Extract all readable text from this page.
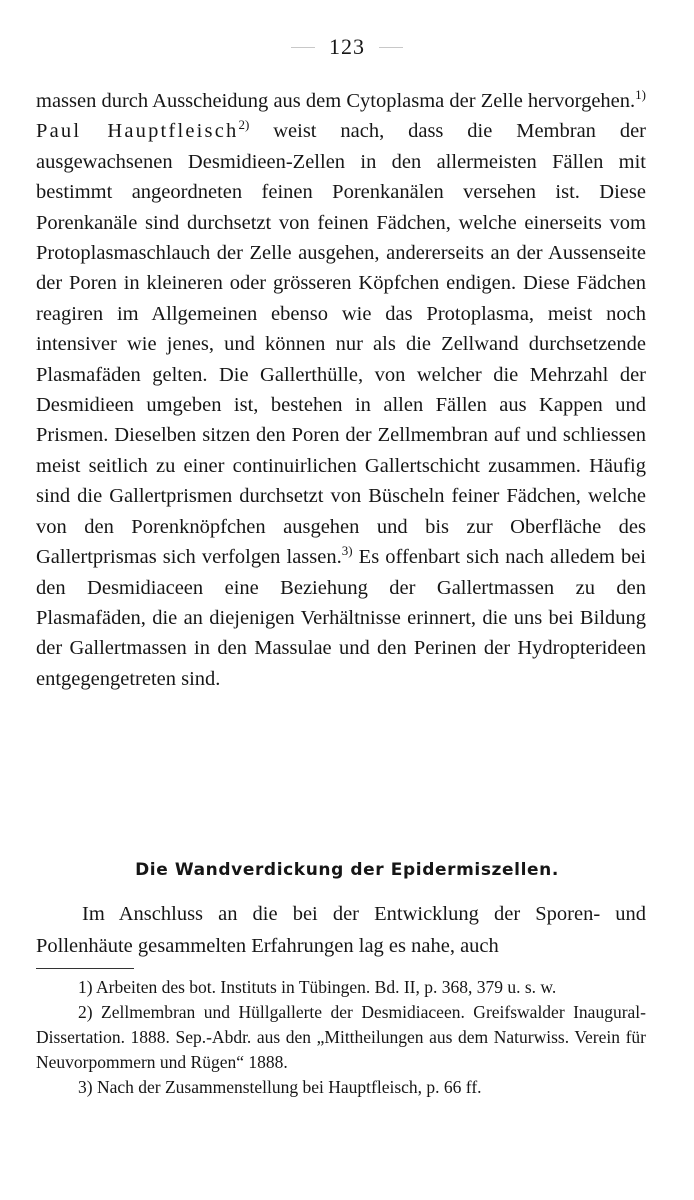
123

massen durch Ausscheidung aus dem Cytoplasma der Zelle hervorgehen.$^{1)}$ Paul Hauptfleisch$^{2)}$ weist nach, dass die Membran der ausgewachsenen Desmidieen-Zellen in den allermeisten Fällen mit bestimmt angeordneten feinen Porenkanälen versehen ist. Diese Porenkanäle sind durchsetzt von feinen Fädchen, welche einerseits vom Protoplasmaschlauch der Zelle ausgehen, andererseits an der Aussenseite der Poren in kleineren oder grösseren Köpfchen endigen. Diese Fädchen reagiren im Allgemeinen ebenso wie das Protoplasma, meist noch intensiver wie jenes, und können nur als die Zellwand durchsetzende Plasmafäden gelten. Die Gallerthülle, von welcher die Mehrzahl der Desmidieen umgeben ist, bestehen in allen Fällen aus Kappen und Prismen. Dieselben sitzen den Poren der Zellmembran auf und schliessen meist seitlich zu einer continuirlichen Gallertschicht zusammen. Häufig sind die Gallertprismen durchsetzt von Büscheln feiner Fädchen, welche von den Porenknöpfchen ausgehen und bis zur Oberfläche des Gallertprismas sich verfolgen lassen.$^{3)}$ Es offenbart sich nach alledem bei den Desmidiaceen eine Beziehung der Gallertmassen zu den Plasmafäden, die an diejenigen Verhältnisse erinnert, die uns bei Bildung der Gallertmassen in den Massulae und den Perinen der Hydropterideen entgegengetreten sind.

Die Wandverdickung der Epidermiszellen.

Im Anschluss an die bei der Entwicklung der Sporen- und Pollenhäute gesammelten Erfahrungen lag es nahe, auch

1) Arbeiten des bot. Instituts in Tübingen. Bd. II, p. 368, 379 u. s. w.

2) Zellmembran und Hüllgallerte der Desmidiaceen. Greifswalder Inaugural-Dissertation. 1888. Sep.-Abdr. aus den „Mittheilungen aus dem Naturwiss. Verein für Neuvorpommern und Rügen“ 1888.

3) Nach der Zusammenstellung bei Hauptfleisch, p. 66 ff.
